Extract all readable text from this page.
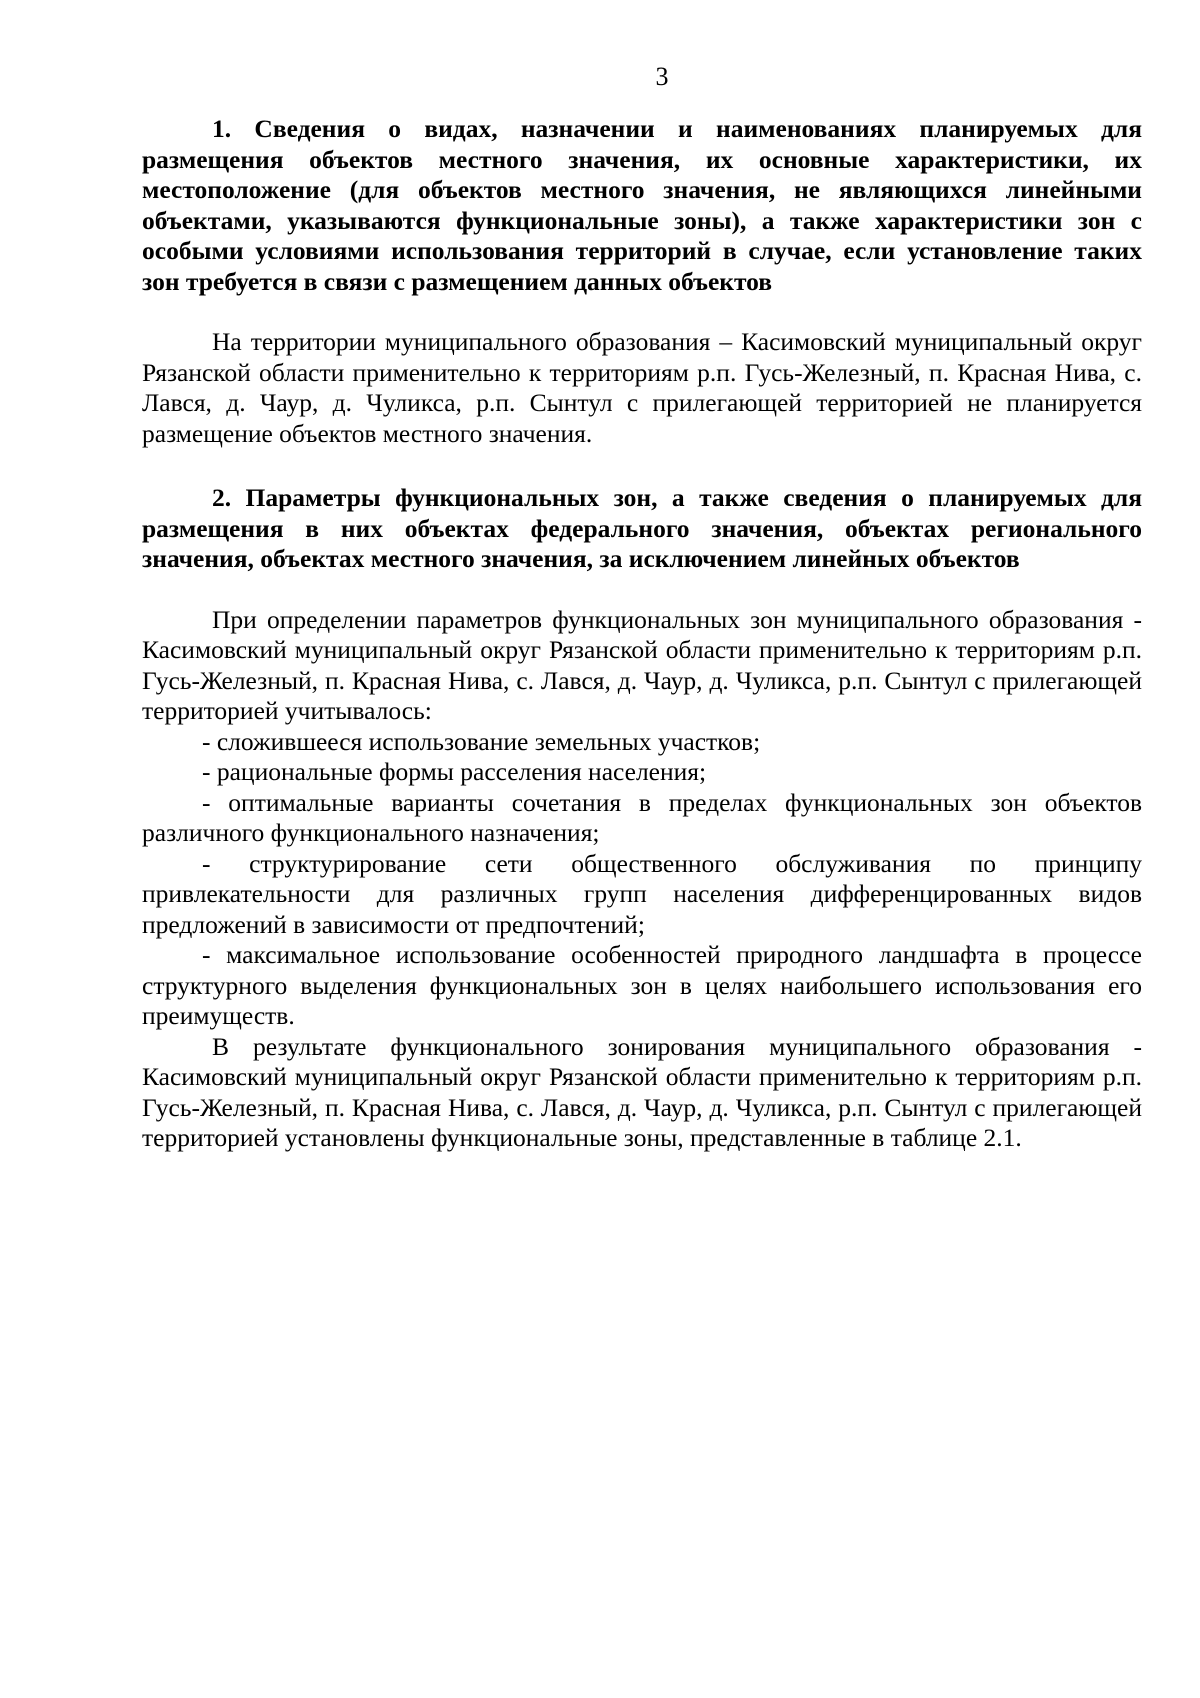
3

1. Сведения о видах, назначении и наименованиях планируемых для размещения объектов местного значения, их основные характеристики, их местоположение (для объектов местного значения, не являющихся линейными объектами, указываются функциональные зоны), а также характеристики зон с особыми условиями использования территорий в случае, если установление таких зон требуется в связи с размещением данных объектов

На территории муниципального образования – Касимовский муниципальный округ Рязанской области применительно к территориям р.п. Гусь-Железный, п. Красная Нива, с. Лався, д. Чаур, д. Чуликса, р.п. Сынтул с прилегающей территорией не планируется размещение объектов местного значения.

2. Параметры функциональных зон, а также сведения о планируемых для размещения в них объектах федерального значения, объектах регионального значения, объектах местного значения, за исключением линейных объектов

При определении параметров функциональных зон муниципального образования - Касимовский муниципальный округ Рязанской области применительно к территориям р.п. Гусь-Железный, п. Красная Нива, с. Лався, д. Чаур, д. Чуликса, р.п. Сынтул с прилегающей территорией учитывалось:

- сложившееся использование земельных участков;

- рациональные формы расселения населения;

- оптимальные варианты сочетания в пределах функциональных зон объектов различного функционального назначения;

- структурирование сети общественного обслуживания по принципу привлекательности для различных групп населения дифференцированных видов предложений в зависимости от предпочтений;

- максимальное использование особенностей природного ландшафта в процессе структурного выделения функциональных зон в целях наибольшего использования его преимуществ.

В результате функционального зонирования муниципального образования - Касимовский муниципальный округ Рязанской области применительно к территориям р.п. Гусь-Железный, п. Красная Нива, с. Лався, д. Чаур, д. Чуликса, р.п. Сынтул с прилегающей территорией установлены функциональные зоны, представленные в таблице 2.1.
